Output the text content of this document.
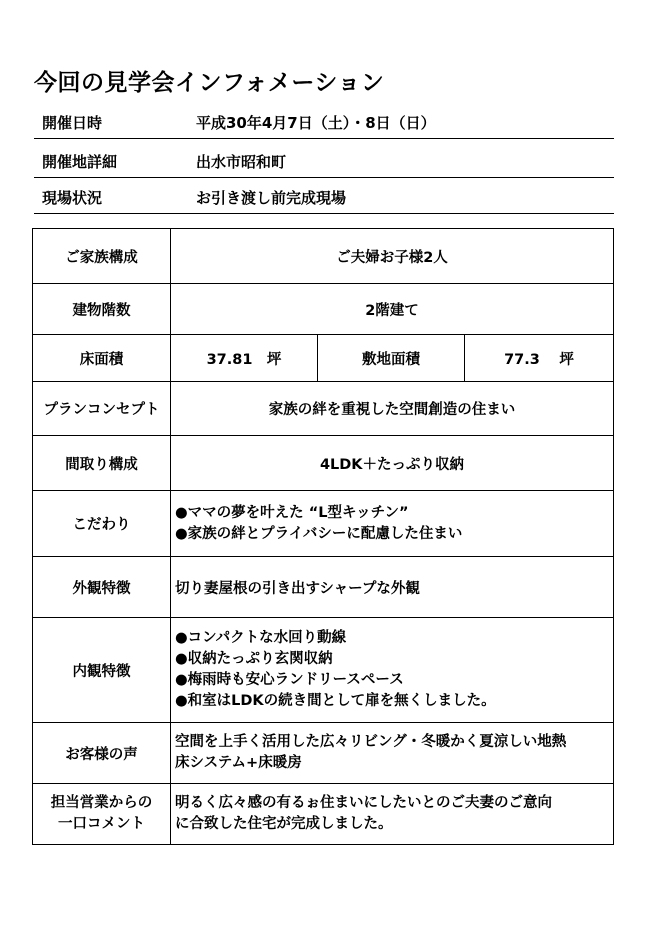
今回の見学会インフォメーション
開催日時	平成30年4月7日（土）・8日（日）
開催地詳細	出水市昭和町
現場状況	お引き渡し前完成現場
ご家族構成	ご夫婦お子様2人		
建物階数	2階建て		
床面積	37.81　坪	敷地面積	77.3　 坪
プランコンセプト	家族の絆を重視した空間創造の住まい		
間取り構成	4LDK＋たっぷり収納		
こだわり	●ママの夢を叶えた “L型キッチン”
●家族の絆とプライバシーに配慮した住まい		

外観特徴	切り妻屋根の引き出すシャープな外観		
内観特徴	●コンパクトな水回り動線
●収納たっぷり玄関収納
●梅雨時も安心ランドリースペース
●和室はLDKの続き間として扉を無くしました。		

お客様の声	空間を上手く活用した広々リビング・冬暖かく夏涼しい地熱
床システム+床暖房		

担当営業からの
一口コメント	明るく広々感の有るぉ住まいにしたいとのご夫妻のご意向
に合致した住宅が完成しました。		
